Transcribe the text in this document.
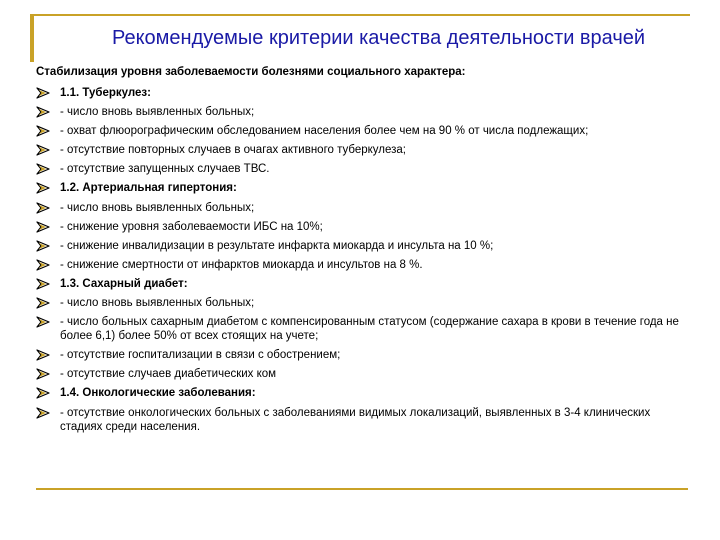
Рекомендуемые критерии качества деятельности врачей
Стабилизация уровня заболеваемости болезнями социального характера:
1.1. Туберкулез:
- число вновь выявленных больных;
- охват флюорографическим обследованием населения более чем на 90 % от числа подлежащих;
- отсутствие повторных случаев в очагах активного туберкулеза;
- отсутствие запущенных случаев ТВС.
1.2. Артериальная гипертония:
- число вновь выявленных больных;
- снижение уровня заболеваемости ИБС на 10%;
- снижение инвалидизации в результате инфаркта миокарда и инсульта на 10 %;
- снижение смертности от инфарктов миокарда и инсультов на 8 %.
1.3. Сахарный диабет:
- число вновь выявленных больных;
- число больных сахарным диабетом с компенсированным статусом (содержание сахара в крови в течение года не более 6,1) более 50% от всех стоящих на учете;
- отсутствие госпитализации в связи с обострением;
- отсутствие случаев диабетических ком
1.4. Онкологические заболевания:
- отсутствие онкологических больных с заболеваниями видимых локализаций, выявленных в 3-4 клинических стадиях среди населения.
